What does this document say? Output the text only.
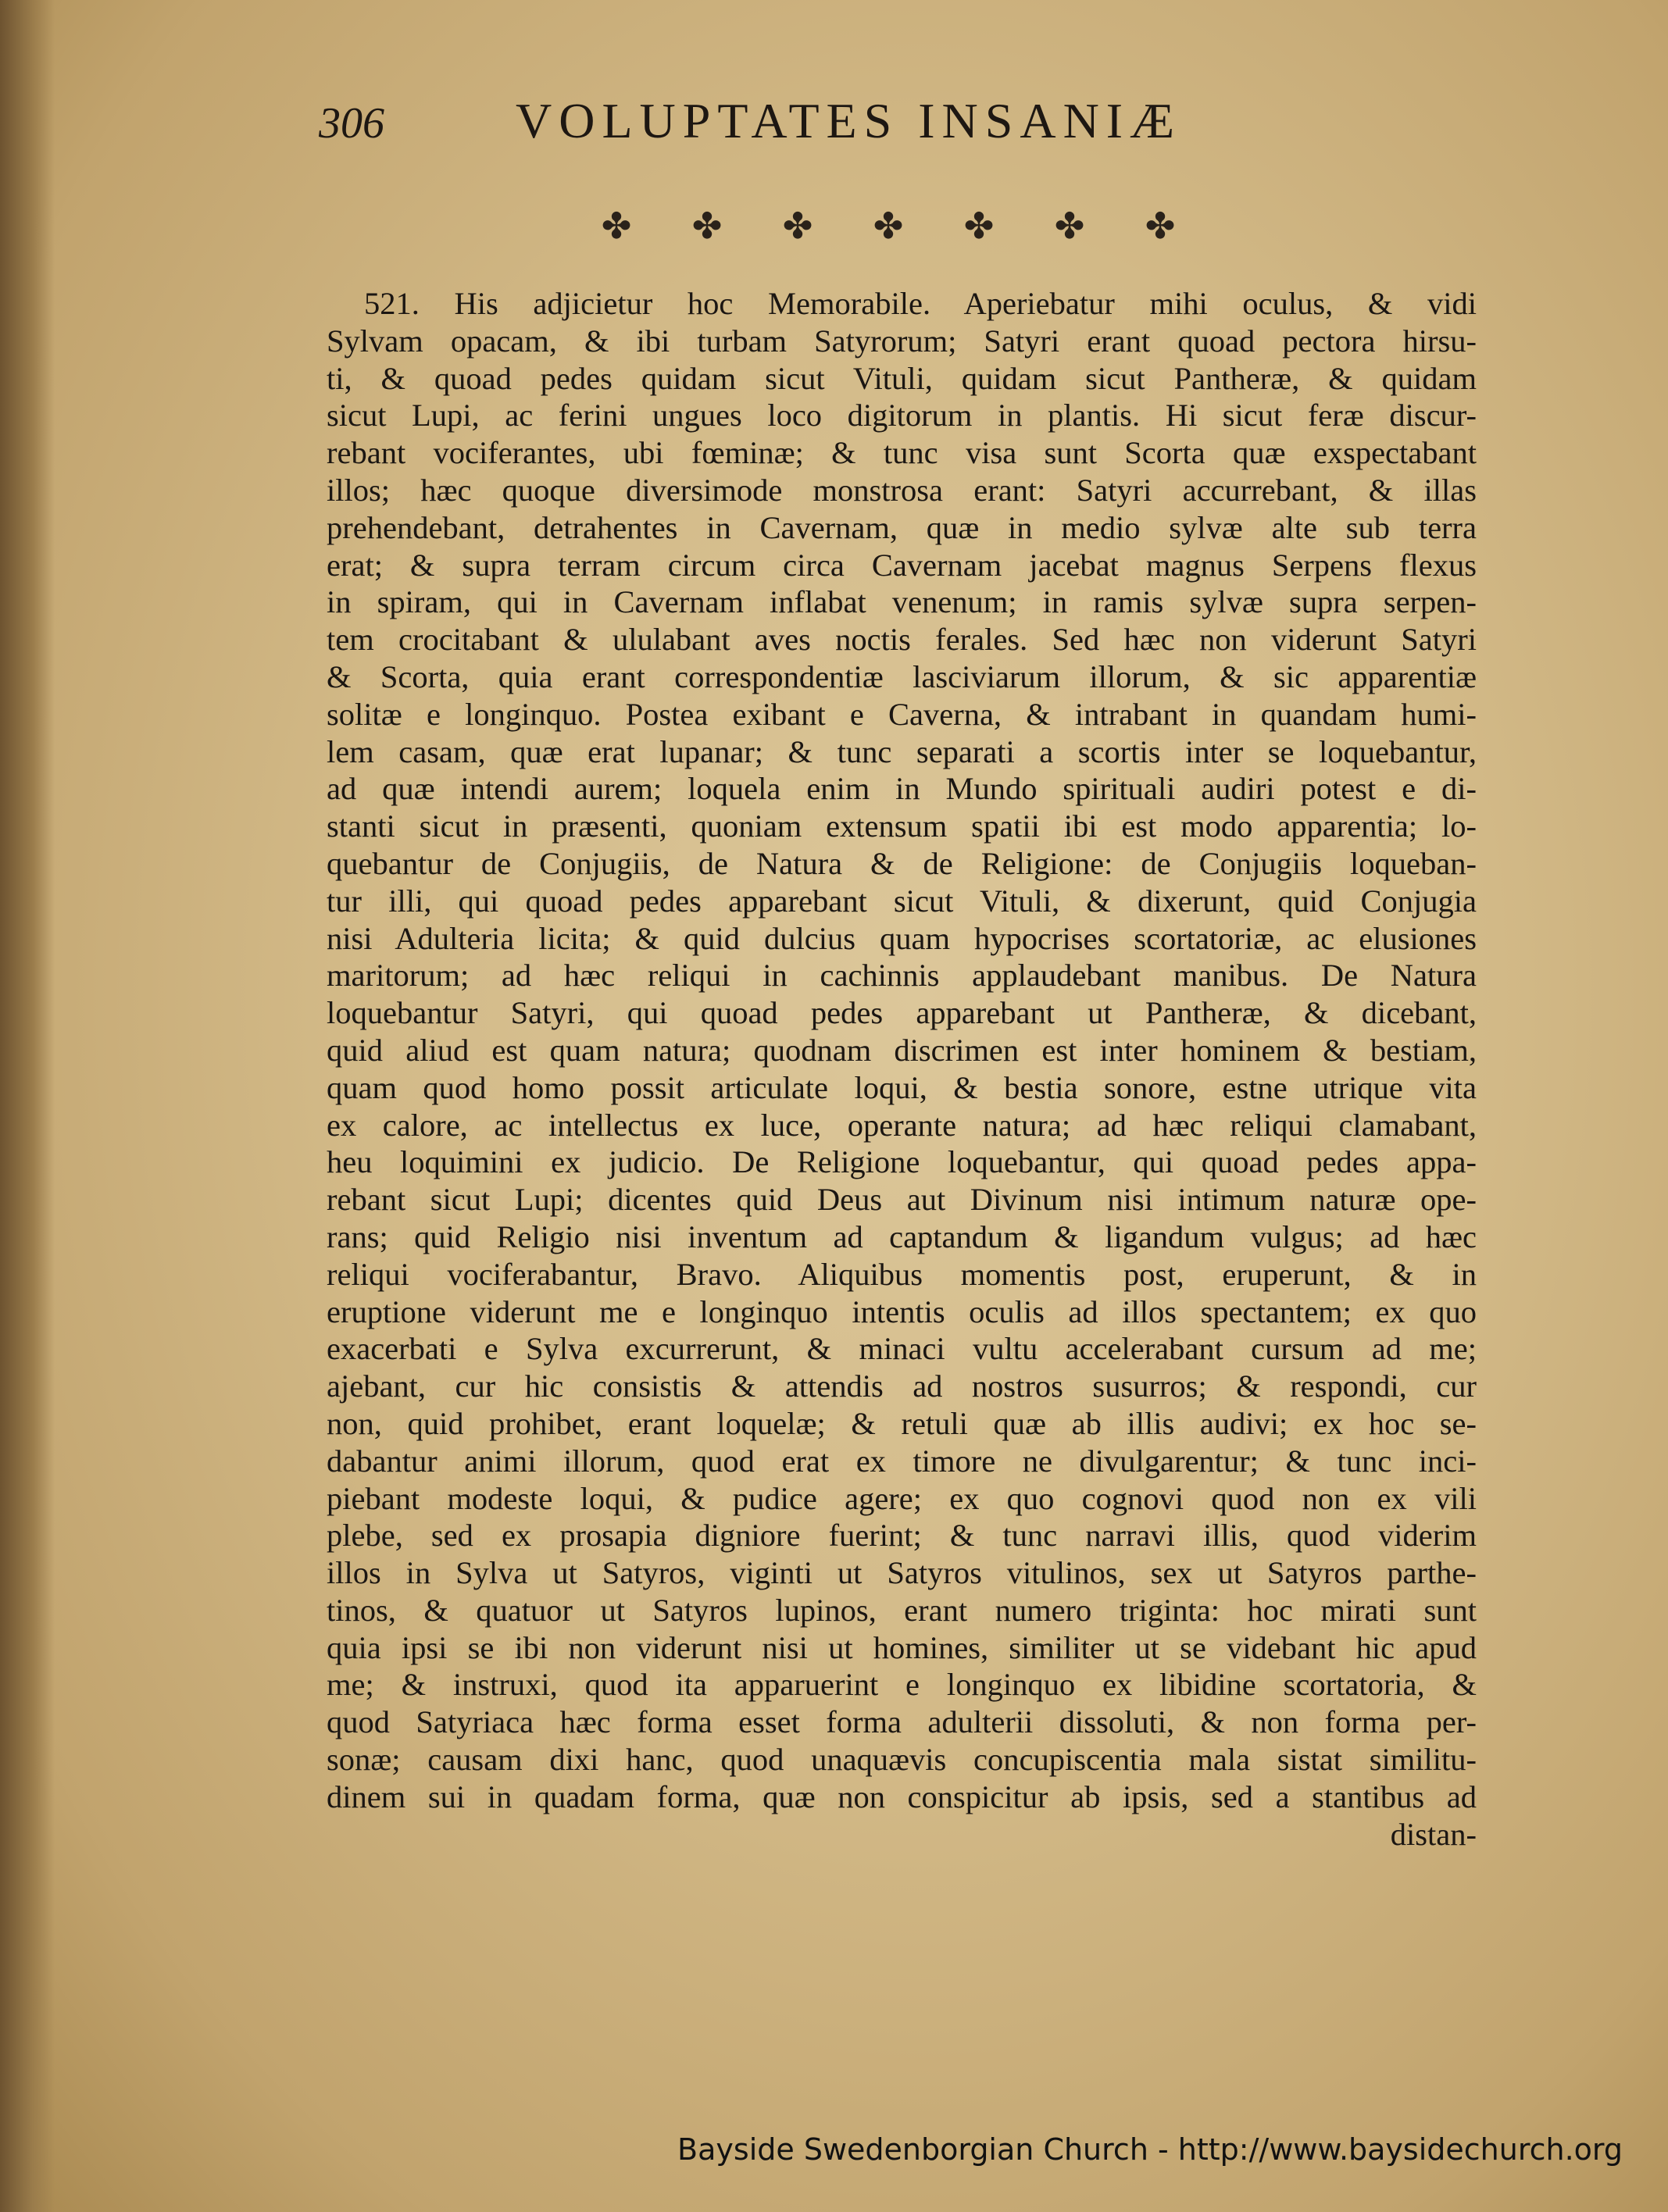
306	VOLUPTATES INSANIÆ
✤ ✤ ✤ ✤ ✤ ✤ ✤
521. His adjicietur hoc Memorabile. Aperiebatur mihi oculus, & vidi
Sylvam opacam, & ibi turbam Satyrorum; Satyri erant quoad pectora hirsu-
ti, & quoad pedes quidam sicut Vituli, quidam sicut Pantheræ, & quidam
sicut Lupi, ac ferini ungues loco digitorum in plantis. Hi sicut feræ discur-
rebant vociferantes, ubi fœminæ; & tunc visa sunt Scorta quæ exspectabant
illos; hæc quoque diversimode monstrosa erant: Satyri accurrebant, & illas
prehendebant, detrahentes in Cavernam, quæ in medio sylvæ alte sub terra
erat; & supra terram circum circa Cavernam jacebat magnus Serpens flexus
in spiram, qui in Cavernam inflabat venenum; in ramis sylvæ supra serpen-
tem crocitabant & ululabant aves noctis ferales. Sed hæc non viderunt Satyri
& Scorta, quia erant correspondentiæ lasciviarum illorum, & sic apparentiæ
solitæ e longinquo. Postea exibant e Caverna, & intrabant in quandam humi-
lem casam, quæ erat lupanar; & tunc separati a scortis inter se loquebantur,
ad quæ intendi aurem; loquela enim in Mundo spirituali audiri potest e di-
stanti sicut in præsenti, quoniam extensum spatii ibi est modo apparentia; lo-
quebantur de Conjugiis, de Natura & de Religione: de Conjugiis loqueban-
tur illi, qui quoad pedes apparebant sicut Vituli, & dixerunt, quid Conjugia
nisi Adulteria licita; & quid dulcius quam hypocrises scortatoriæ, ac elusiones
maritorum; ad hæc reliqui in cachinnis applaudebant manibus. De Natura
loquebantur Satyri, qui quoad pedes apparebant ut Pantheræ, & dicebant,
quid aliud est quam natura; quodnam discrimen est inter hominem & bestiam,
quam quod homo possit articulate loqui, & bestia sonore, estne utrique vita
ex calore, ac intellectus ex luce, operante natura; ad hæc reliqui clamabant,
heu loquimini ex judicio. De Religione loquebantur, qui quoad pedes appa-
rebant sicut Lupi; dicentes quid Deus aut Divinum nisi intimum naturæ ope-
rans; quid Religio nisi inventum ad captandum & ligandum vulgus; ad hæc
reliqui vociferabantur, Bravo. Aliquibus momentis post, eruperunt, & in
eruptione viderunt me e longinquo intentis oculis ad illos spectantem; ex quo
exacerbati e Sylva excurrerunt, & minaci vultu accelerabant cursum ad me;
ajebant, cur hic consistis & attendis ad nostros susurros; & respondi, cur
non, quid prohibet, erant loquelæ; & retuli quæ ab illis audivi; ex hoc se-
dabantur animi illorum, quod erat ex timore ne divulgarentur; & tunc inci-
piebant modeste loqui, & pudice agere; ex quo cognovi quod non ex vili
plebe, sed ex prosapia digniore fuerint; & tunc narravi illis, quod viderim
illos in Sylva ut Satyros, viginti ut Satyros vitulinos, sex ut Satyros parthe-
tinos, & quatuor ut Satyros lupinos, erant numero triginta: hoc mirati sunt
quia ipsi se ibi non viderunt nisi ut homines, similiter ut se videbant hic apud
me; & instruxi, quod ita apparuerint e longinquo ex libidine scortatoria, &
quod Satyriaca hæc forma esset forma adulterii dissoluti, & non forma per-
sonæ; causam dixi hanc, quod unaquævis concupiscentia mala sistat similitu-
dinem sui in quadam forma, quæ non conspicitur ab ipsis, sed a stantibus ad
distan-
Bayside Swedenborgian Church - http://www.baysidechurch.org
